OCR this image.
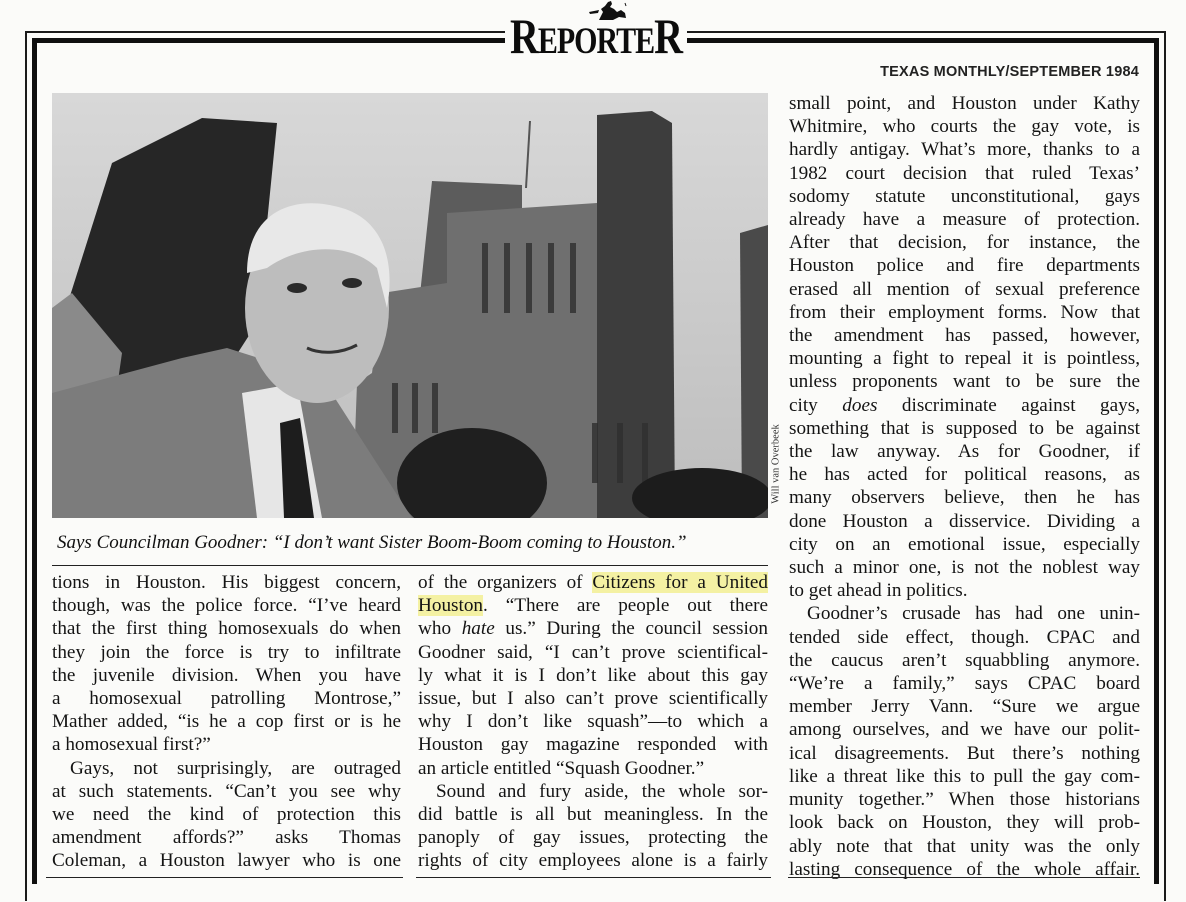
REPORTER
TEXAS MONTHLY/SEPTEMBER 1984
Will van Overbeek
Says Councilman Goodner: “I don’t want Sister Boom-Boom coming to Houston.”
tions in Houston. His biggest concern,
though, was the police force. “I’ve heard
that the first thing homosexuals do when
they join the force is try to infiltrate
the juvenile division. When you have
a homosexual patrolling Montrose,”
Mather added, “is he a cop first or is he
a homosexual first?”
Gays, not surprisingly, are outraged
at such statements. “Can’t you see why
we need the kind of protection this
amendment affords?” asks Thomas
Coleman, a Houston lawyer who is one
of the organizers of Citizens for a United
Houston. “There are people out there
who hate us.” During the council session
Goodner said, “I can’t prove scientifical-
ly what it is I don’t like about this gay
issue, but I also can’t prove scientifically
why I don’t like squash”—to which a
Houston gay magazine responded with
an article entitled “Squash Goodner.”
Sound and fury aside, the whole sor-
did battle is all but meaningless. In the
panoply of gay issues, protecting the
rights of city employees alone is a fairly
small point, and Houston under Kathy
Whitmire, who courts the gay vote, is
hardly antigay. What’s more, thanks to a
1982 court decision that ruled Texas’
sodomy statute unconstitutional, gays
already have a measure of protection.
After that decision, for instance, the
Houston police and fire departments
erased all mention of sexual preference
from their employment forms. Now that
the amendment has passed, however,
mounting a fight to repeal it is pointless,
unless proponents want to be sure the
city does discriminate against gays,
something that is supposed to be against
the law anyway. As for Goodner, if
he has acted for political reasons, as
many observers believe, then he has
done Houston a disservice. Dividing a
city on an emotional issue, especially
such a minor one, is not the noblest way
to get ahead in politics.
Goodner’s crusade has had one unin-
tended side effect, though. CPAC and
the caucus aren’t squabbling anymore.
“We’re a family,” says CPAC board
member Jerry Vann. “Sure we argue
among ourselves, and we have our polit-
ical disagreements. But there’s nothing
like a threat like this to pull the gay com-
munity together.” When those historians
look back on Houston, they will prob-
ably note that that unity was the only
lasting consequence of the whole affair.
